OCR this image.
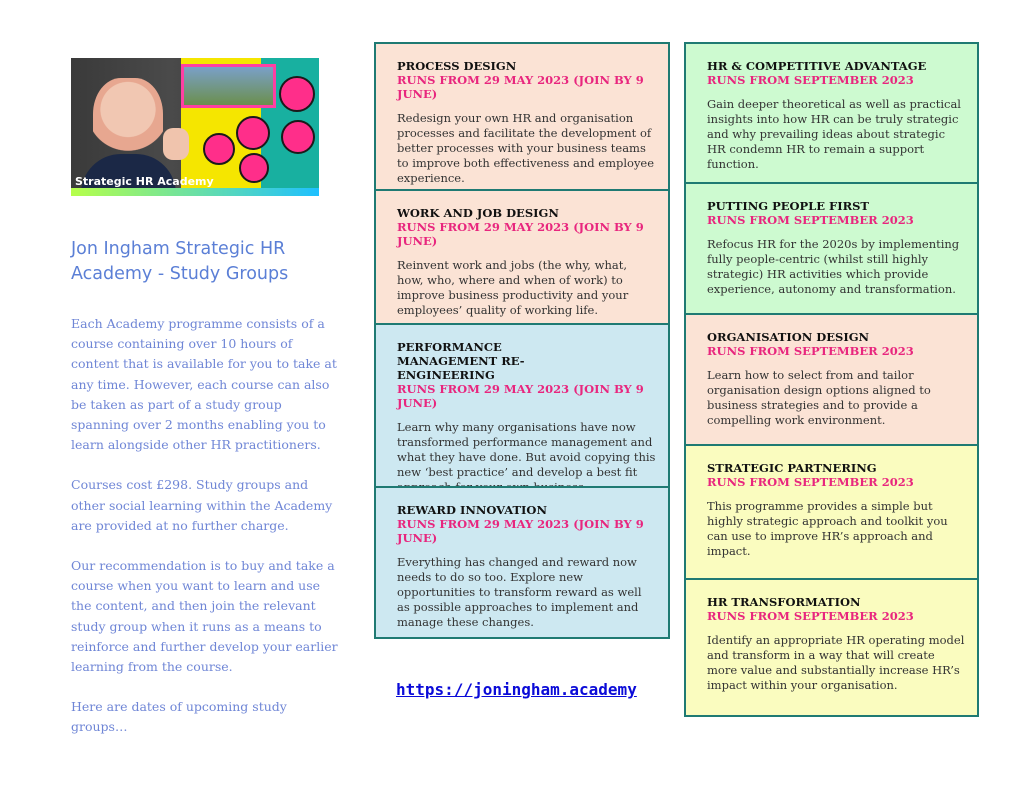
Strategic HR Academy
Jon Ingham Strategic HR Academy - Study Groups

Each Academy programme consists of a course containing over 10 hours of content that is available for you to take at any time. However, each course can also be taken as part of a study group spanning over 2 months enabling you to learn alongside other HR practitioners.

Courses cost £298. Study groups and other social learning within the Academy are provided at no further charge.

Our recommendation is to buy and take a course when you want to learn and use the content, and then join the relevant study group when it runs as a means to reinforce and further develop your earlier learning from the course.

Here are dates of upcoming study groups…

PROCESS DESIGN
RUNS FROM 29 MAY 2023 (JOIN BY 9 JUNE)
Redesign your own HR and organisation processes and facilitate the development of better processes with your business teams to improve both effectiveness and employee experience.
WORK AND JOB DESIGN
RUNS FROM 29 MAY 2023 (JOIN BY 9 JUNE)
Reinvent work and jobs (the why, what, how, who, where and when of work) to improve business productivity and your employees’ quality of working life.
PERFORMANCE MANAGEMENT RE-ENGINEERING
RUNS FROM 29 MAY 2023 (JOIN BY 9 JUNE)
Learn why many organisations have now transformed performance management and what they have done. But avoid copying this new ‘best practice’ and develop a best fit
REWARD INNOVATION
RUNS FROM 29 MAY 2023 (JOIN BY 9 JUNE)
Everything has changed and reward now needs to do so too. Explore new opportunities to transform reward as well as possible approaches to implement and manage these changes.
HR & COMPETITIVE ADVANTAGE
RUNS FROM SEPTEMBER 2023
Gain deeper theoretical as well as practical insights into how HR can be truly strategic and why prevailing ideas about strategic HR condemn HR to remain a support function.
PUTTING PEOPLE FIRST
RUNS FROM SEPTEMBER 2023
Refocus HR for the 2020s by implementing fully people-centric (whilst still highly strategic) HR activities which provide experience, autonomy and transformation.
ORGANISATION DESIGN
RUNS FROM SEPTEMBER 2023
Learn how to select from and tailor organisation design options aligned to business strategies and to provide a compelling work environment.
STRATEGIC PARTNERING
RUNS FROM SEPTEMBER 2023
This programme provides a simple but highly strategic approach and toolkit you can use to improve HR’s approach and impact.
HR TRANSFORMATION
RUNS FROM SEPTEMBER 2023
Identify an appropriate HR operating model and transform in a way that will create more value and substantially increase HR’s impact within your organisation.
https://joningham.academy
